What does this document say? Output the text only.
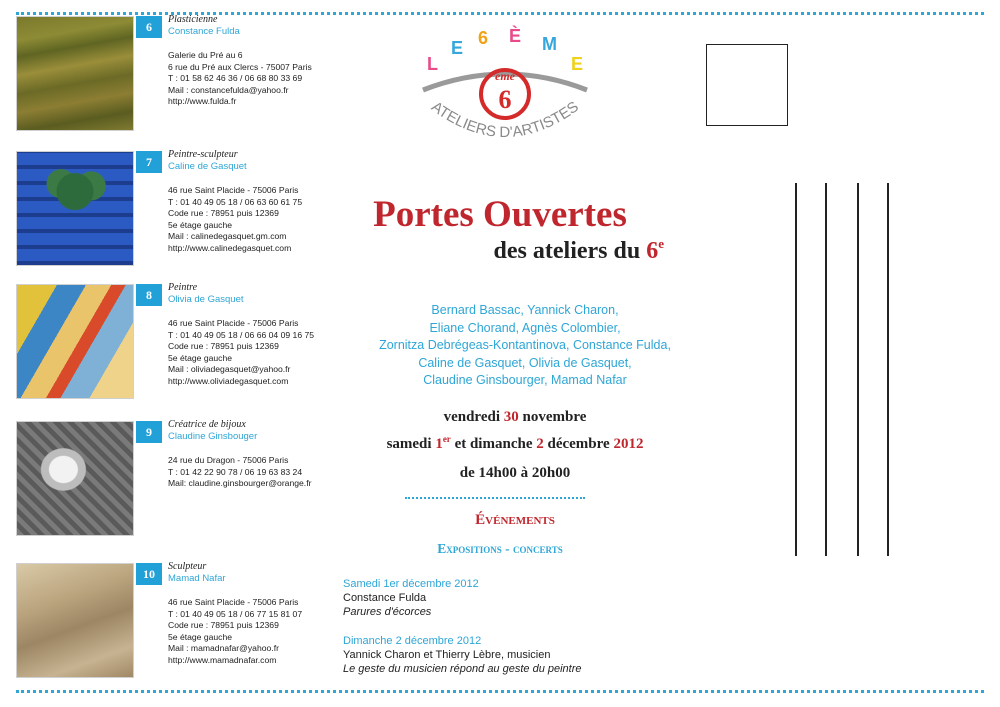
6
Plasticienne
Constance Fulda
Galerie du Pré au 6
6 rue du Pré aux Clercs - 75007 Paris
T : 01 58 62 46 36 / 06 68 80 33 69
Mail : constancefulda@yahoo.fr
http://www.fulda.fr
7
Peintre-sculpteur
Caline de Gasquet
46 rue Saint Placide - 75006 Paris
T : 01 40 49 05 18 / 06 63 60 61 75
Code rue : 78951 puis 12369
5e étage gauche
Mail : calinedegasquet.gm.com
http://www.calinedegasquet.com
8
Peintre
Olivia de Gasquet
46 rue Saint Placide - 75006 Paris
T : 01 40 49 05 18 / 06 66 04 09 16 75
Code rue : 78951 puis 12369
5e étage gauche
Mail : oliviadegasquet@yahoo.fr
http://www.oliviadegasquet.com
9
Créatrice de bijoux
Claudine Ginsbouger
24 rue du Dragon - 75006 Paris
T : 01 42 22 90 78 / 06 19 63 83 24
Mail: claudine.ginsbourger@orange.fr
10
Sculpteur
Mamad Nafar
46 rue Saint Placide - 75006 Paris
T : 01 40 49 05 18 / 06 77 15 81 07
Code rue : 78951 puis 12369
5e étage gauche
Mail : mamadnafar@yahoo.fr
http://www.mamadnafar.com
L
E 6 È M
E
eme
6
ATELIERS D'ARTISTES
Portes Ouvertes
des ateliers du 6e
Bernard Bassac, Yannick Charon,
Eliane Chorand, Agnès Colombier,
Zornitza Debrégeas-Kontantinova, Constance Fulda,
Caline de Gasquet, Olivia de Gasquet,
Claudine Ginsbourger, Mamad Nafar
vendredi 30 novembre
samedi 1er et dimanche 2 décembre 2012
de 14h00 à 20h00
Événements
Expositions - concerts
Samedi 1er décembre 2012
Constance Fulda
Parures d'écorces
Dimanche 2 décembre 2012
Yannick Charon et Thierry Lèbre, musicien
Le geste du musicien répond au geste du peintre
